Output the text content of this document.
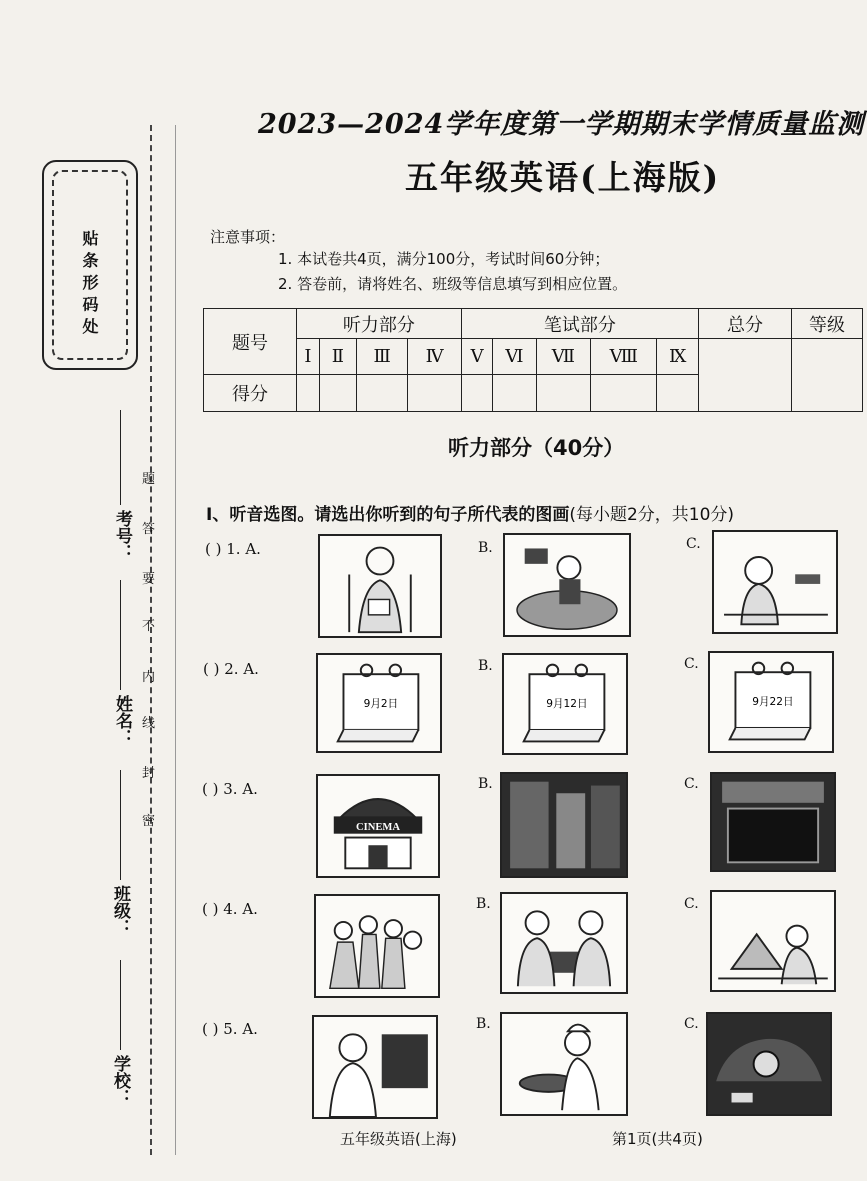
贴条形码处
考号：
姓名：
班级：
学校：
密
封
线
内
不
要
答
题
2023—2024学年度第一学期期末学情质量监测
五年级英语(上海版)
注意事项：
1. 本试卷共4页，满分100分，考试时间60分钟；
2. 答卷前，请将姓名、班级等信息填写到相应位置。
题号	听力部分				笔试部分					总分	等级
	Ⅰ	Ⅱ	Ⅲ	Ⅳ	Ⅴ	Ⅵ	Ⅶ	Ⅷ	Ⅸ		
得分											
听力部分（40分）
Ⅰ、听音选图。请选出你听到的句子所代表的图画(每小题2分，共10分)
( ) 1. A.	B.	C.
( ) 2. A.
9月2日
B.
9月12日
C.
9月22日
( ) 3. A.
CINEMA
B.	C.
( ) 4. A.	B.	C.
( ) 5. A.	B.	C.
五年级英语(上海)	第1页(共4页)
